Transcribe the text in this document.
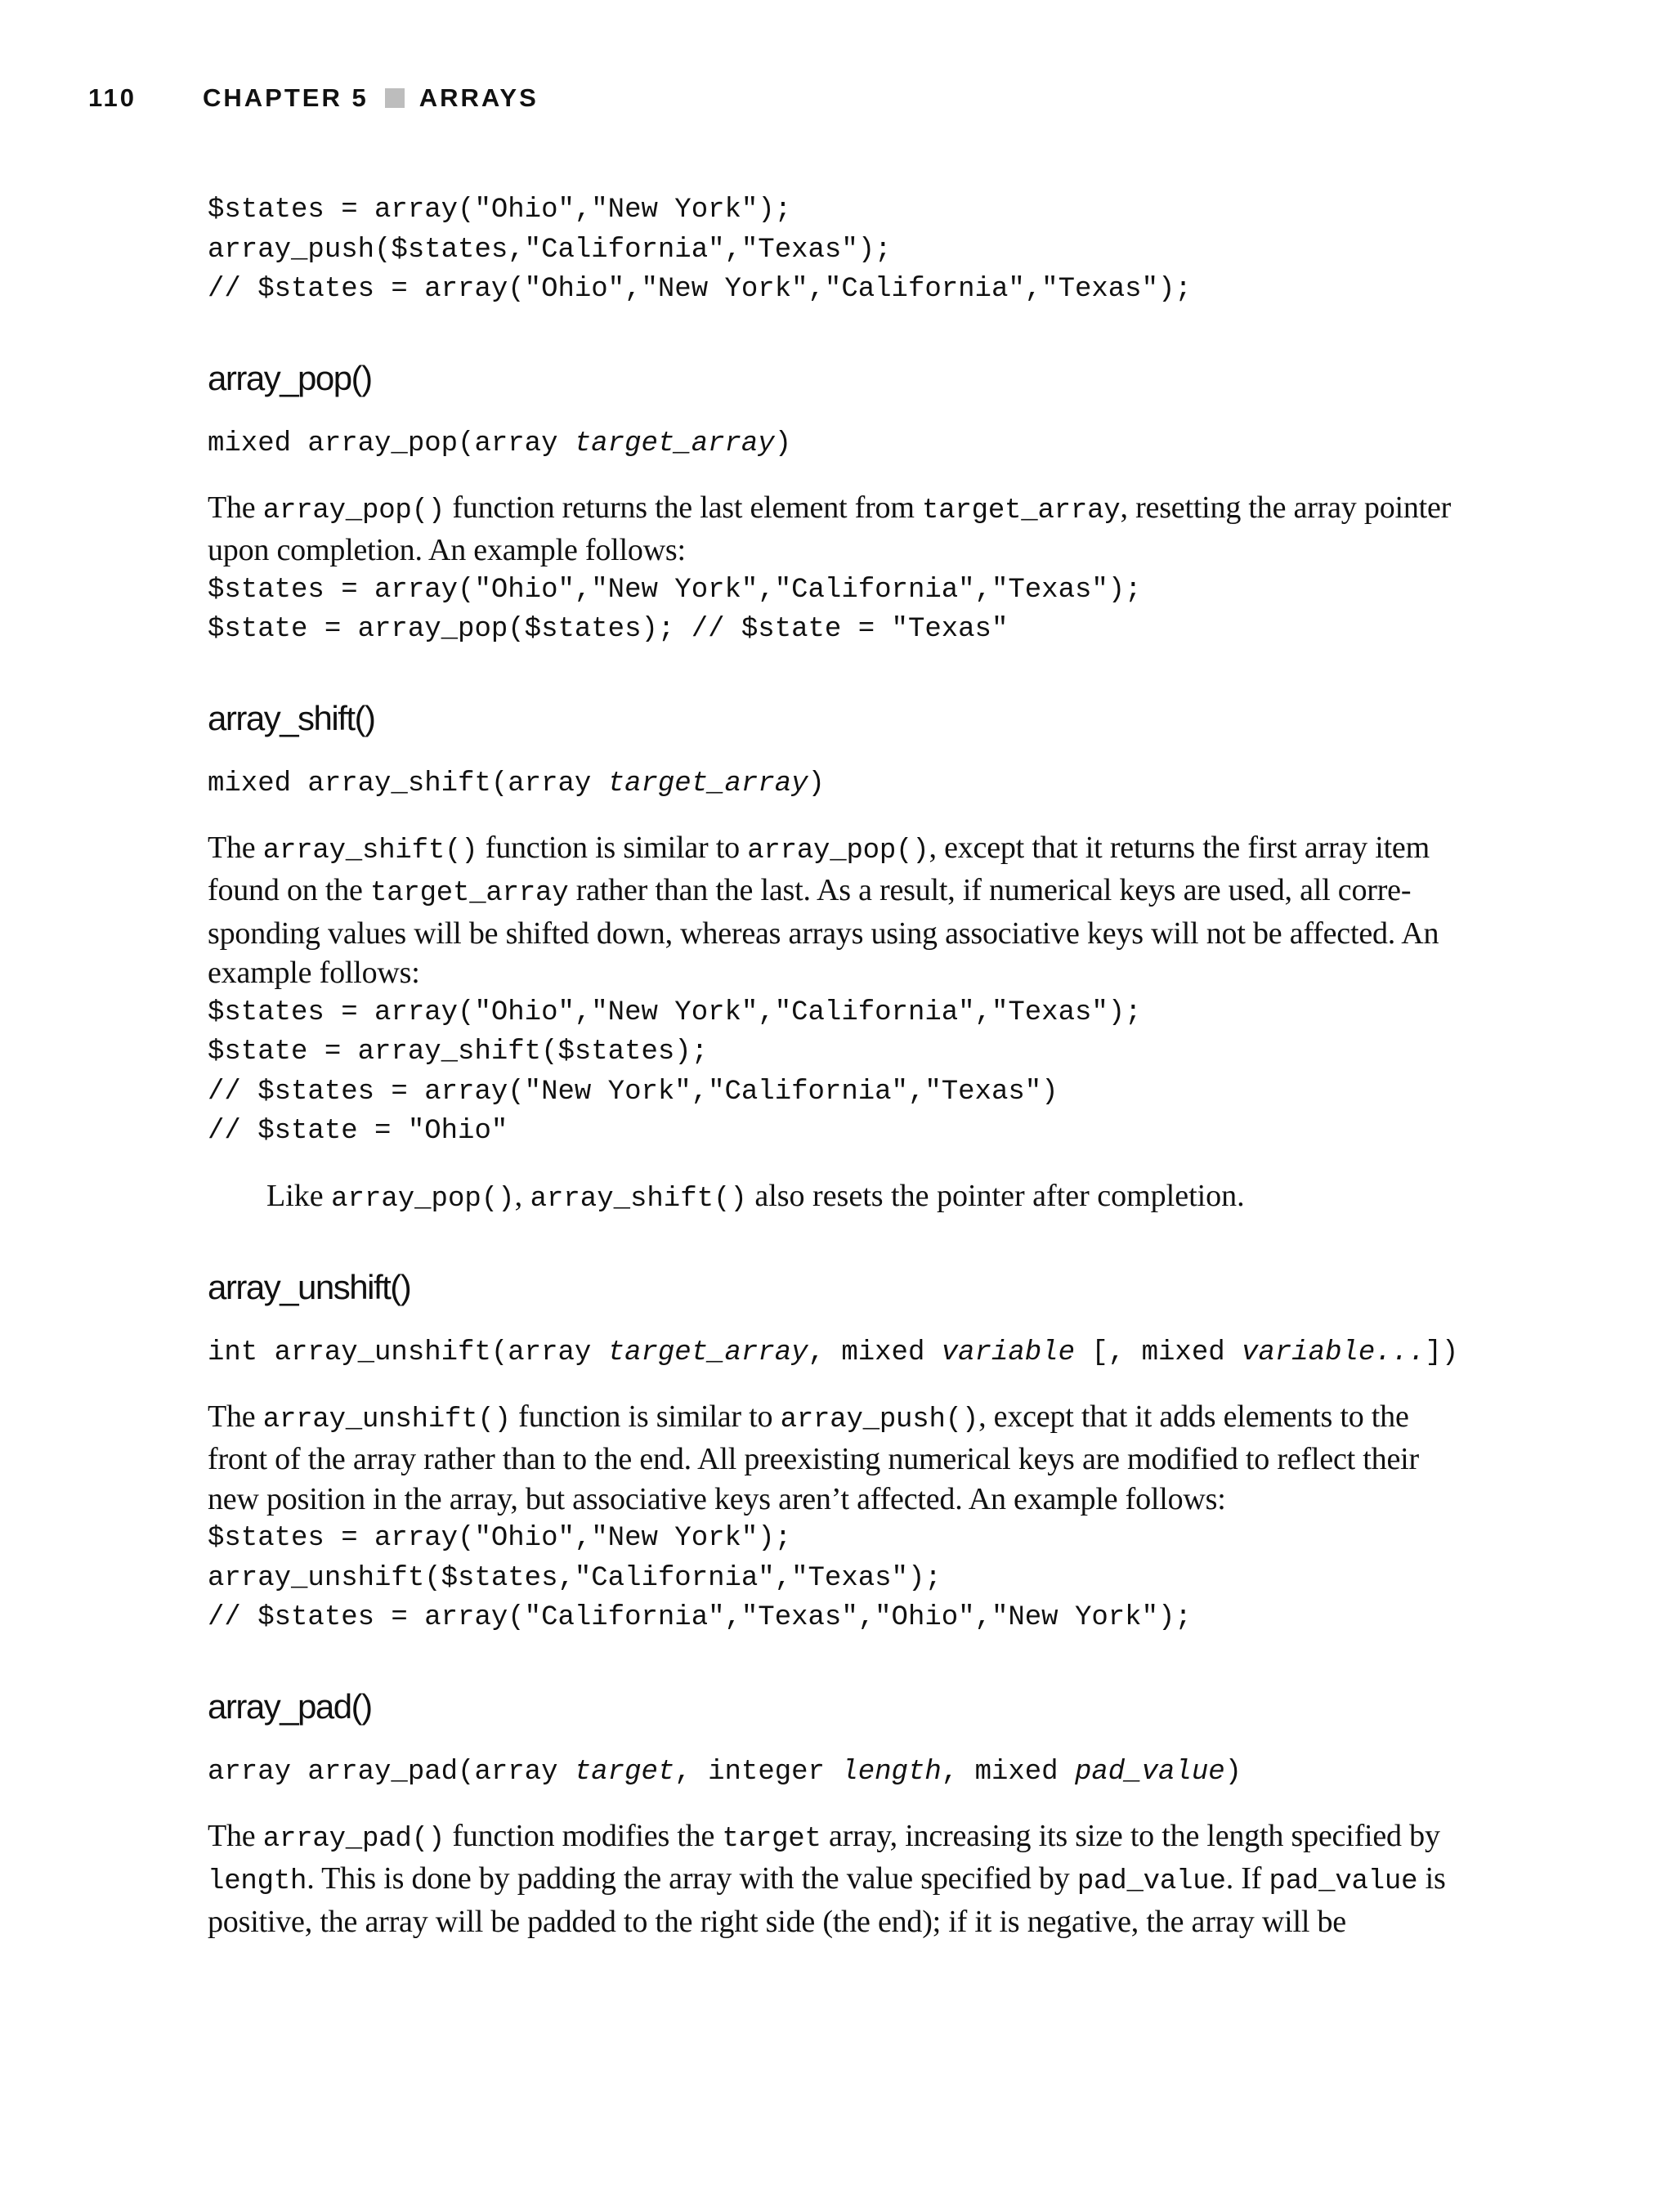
110	CHAPTER 5 ARRAYS
$states = array("Ohio","New York");
array_push($states,"California","Texas");
// $states = array("Ohio","New York","California","Texas");
array_pop()
mixed array_pop(array target_array)

The array_pop() function returns the last element from target_array, resetting the array pointer upon completion. An example follows:

$states = array("Ohio","New York","California","Texas");
$state = array_pop($states); // $state = "Texas"
array_shift()
mixed array_shift(array target_array)

The array_shift() function is similar to array_pop(), except that it returns the first array item found on the target_array rather than the last. As a result, if numerical keys are used, all corre-sponding values will be shifted down, whereas arrays using associative keys will not be affected. An example follows:

$states = array("Ohio","New York","California","Texas");
$state = array_shift($states);
// $states = array("New York","California","Texas")
// $state = "Ohio"

Like array_pop(), array_shift() also resets the pointer after completion.

array_unshift()
int array_unshift(array target_array, mixed variable [, mixed variable...])

The array_unshift() function is similar to array_push(), except that it adds elements to the front of the array rather than to the end. All preexisting numerical keys are modified to reflect their new position in the array, but associative keys aren’t affected. An example follows:

$states = array("Ohio","New York");
array_unshift($states,"California","Texas");
// $states = array("California","Texas","Ohio","New York");
array_pad()
array array_pad(array target, integer length, mixed pad_value)

The array_pad() function modifies the target array, increasing its size to the length specified by length. This is done by padding the array with the value specified by pad_value. If pad_value is positive, the array will be padded to the right side (the end); if it is negative, the array will be
